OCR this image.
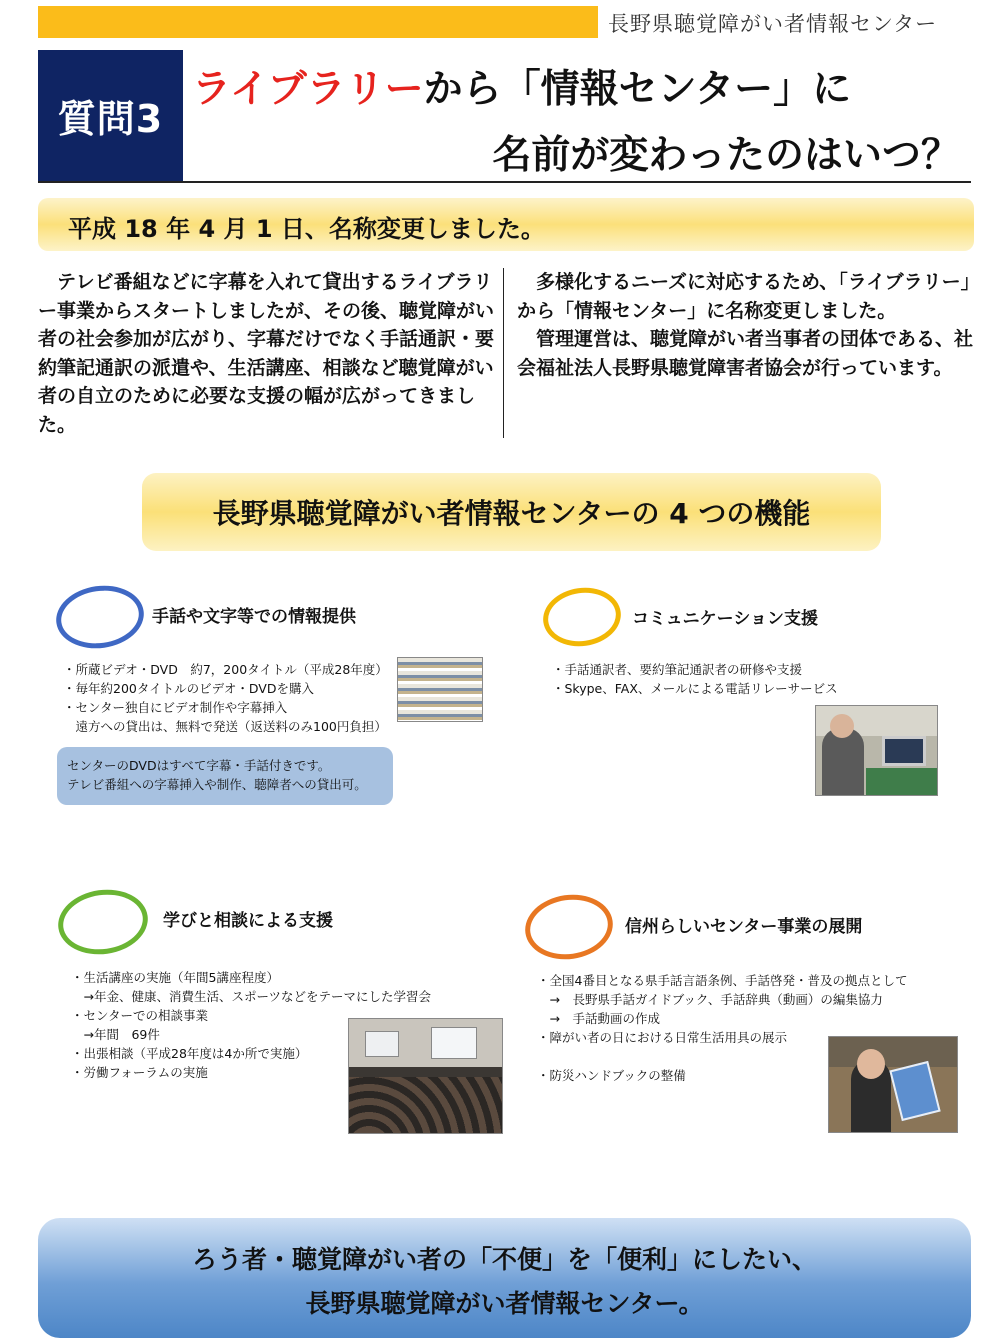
長野県聴覚障がい者情報センター
質問3
ライブラリーから「情報センター」に
名前が変わったのはいつ？
平成 18 年 4 月 1 日、名称変更しました。

テレビ番組などに字幕を入れて貸出するライブラリー事業からスタートしましたが、その後、聴覚障がい者の社会参加が広がり、字幕だけでなく手話通訳・要約筆記通訳の派遣や、生活講座、相談など聴覚障がい者の自立のために必要な支援の幅が広がってきました。

多様化するニーズに対応するため、「ライブラリー」から「情報センター」に名称変更しました。

管理運営は、聴覚障がい者当事者の団体である、社会福祉法人長野県聴覚障害者協会が行っています。

長野県聴覚障がい者情報センターの 4 つの機能
手話や文字等での情報提供
・所蔵ビデオ・DVD　約7，200タイトル（平成28年度）
・毎年約200タイトルのビデオ・DVDを購入
・センター独自にビデオ制作や字幕挿入
　遠方への貸出は、無料で発送（返送料のみ100円負担）
センターのDVDはすべて字幕・手話付きです。
テレビ番組への字幕挿入や制作、聴障者への貸出可。
コミュニケーション支援
・手話通訳者、要約筆記通訳者の研修や支援
・Skype、FAX、メールによる電話リレーサービス
学びと相談による支援
・生活講座の実施（年間5講座程度）
　→年金、健康、消費生活、スポーツなどをテーマにした学習会
・センターでの相談事業
　→年間　69件
・出張相談（平成28年度は4か所で実施）
・労働フォーラムの実施
信州らしいセンター事業の展開
・全国4番目となる県手話言語条例、手話啓発・普及の拠点として
　→　長野県手話ガイドブック、手話辞典（動画）の編集協力
　→　手話動画の作成
・障がい者の日における日常生活用具の展示

・防災ハンドブックの整備
ろう者・聴覚障がい者の「不便」を「便利」にしたい、
長野県聴覚障がい者情報センター。
